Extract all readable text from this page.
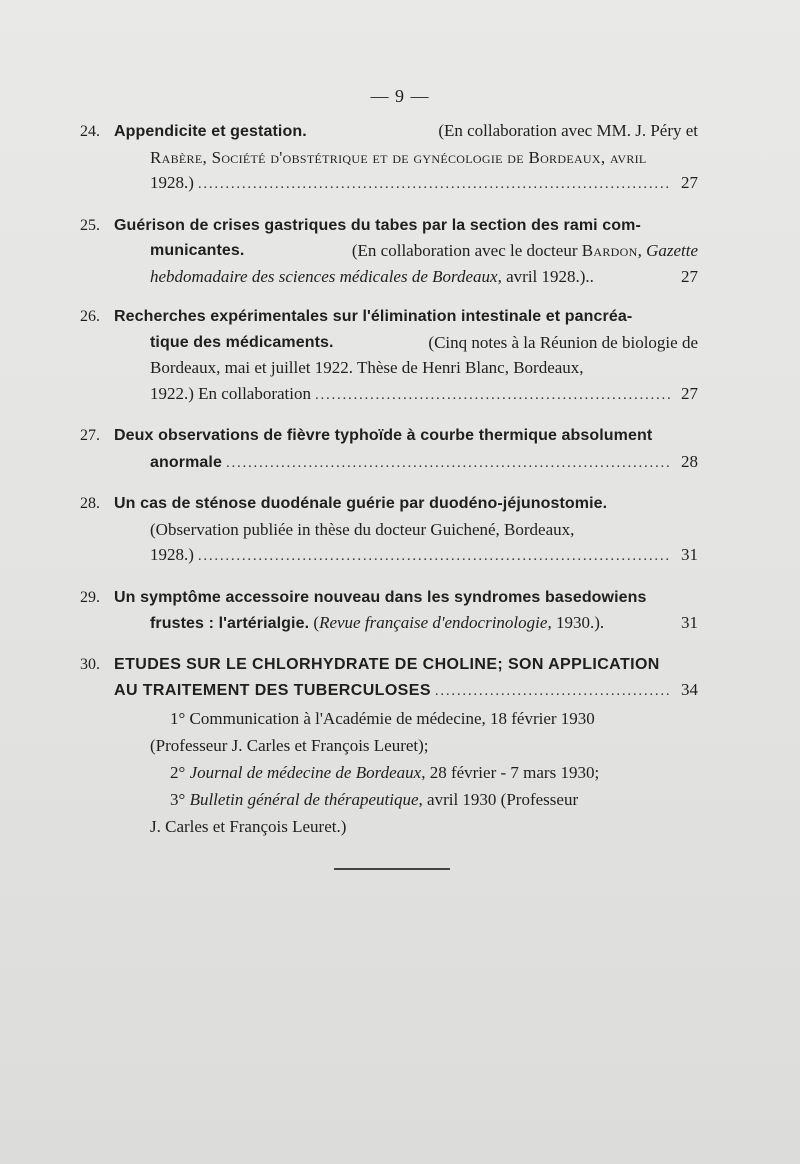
— 9 —
24. Appendicite et gestation.	(En collaboration avec MM. J. Péry et
Rabère, Société d'obstétrique et de gynécologie de Bordeaux, avril
1928.) . . .	27
25. Guérison de crises gastriques du tabes par la section des rami com-
municantes.	(En collaboration avec le docteur Bardon, Gazette
hebdomadaire des sciences médicales de Bordeaux, avril 1928.)..	27
26. Recherches expérimentales sur l'élimination intestinale et pancréa-
tique des médicaments.	(Cinq notes à la Réunion de biologie de
Bordeaux, mai et juillet 1922. Thèse de Henri Blanc, Bordeaux,
1922.) En collaboration . . .	27
27. Deux observations de fièvre typhoïde à courbe thermique absolument
anormale . . .	28
28. Un cas de sténose duodénale guérie par duodéno-jéjunostomie.
(Observation publiée in thèse du docteur Guichené, Bordeaux,
1928.) . . .	31
29. Un symptôme accessoire nouveau dans les syndromes basedowiens
frustes : l'artérialgie. (Revue française d'endocrinologie, 1930.).	31
30. ETUDES SUR LE CHLORHYDRATE DE CHOLINE; SON APPLICATION
AU TRAITEMENT DES TUBERCULOSES . . .	34
1° Communication à l'Académie de médecine, 18 février 1930
(Professeur J. Carles et François Leuret);
2° Journal de médecine de Bordeaux, 28 février - 7 mars 1930;
3° Bulletin général de thérapeutique, avril 1930 (Professeur
J. Carles et François Leuret.)
